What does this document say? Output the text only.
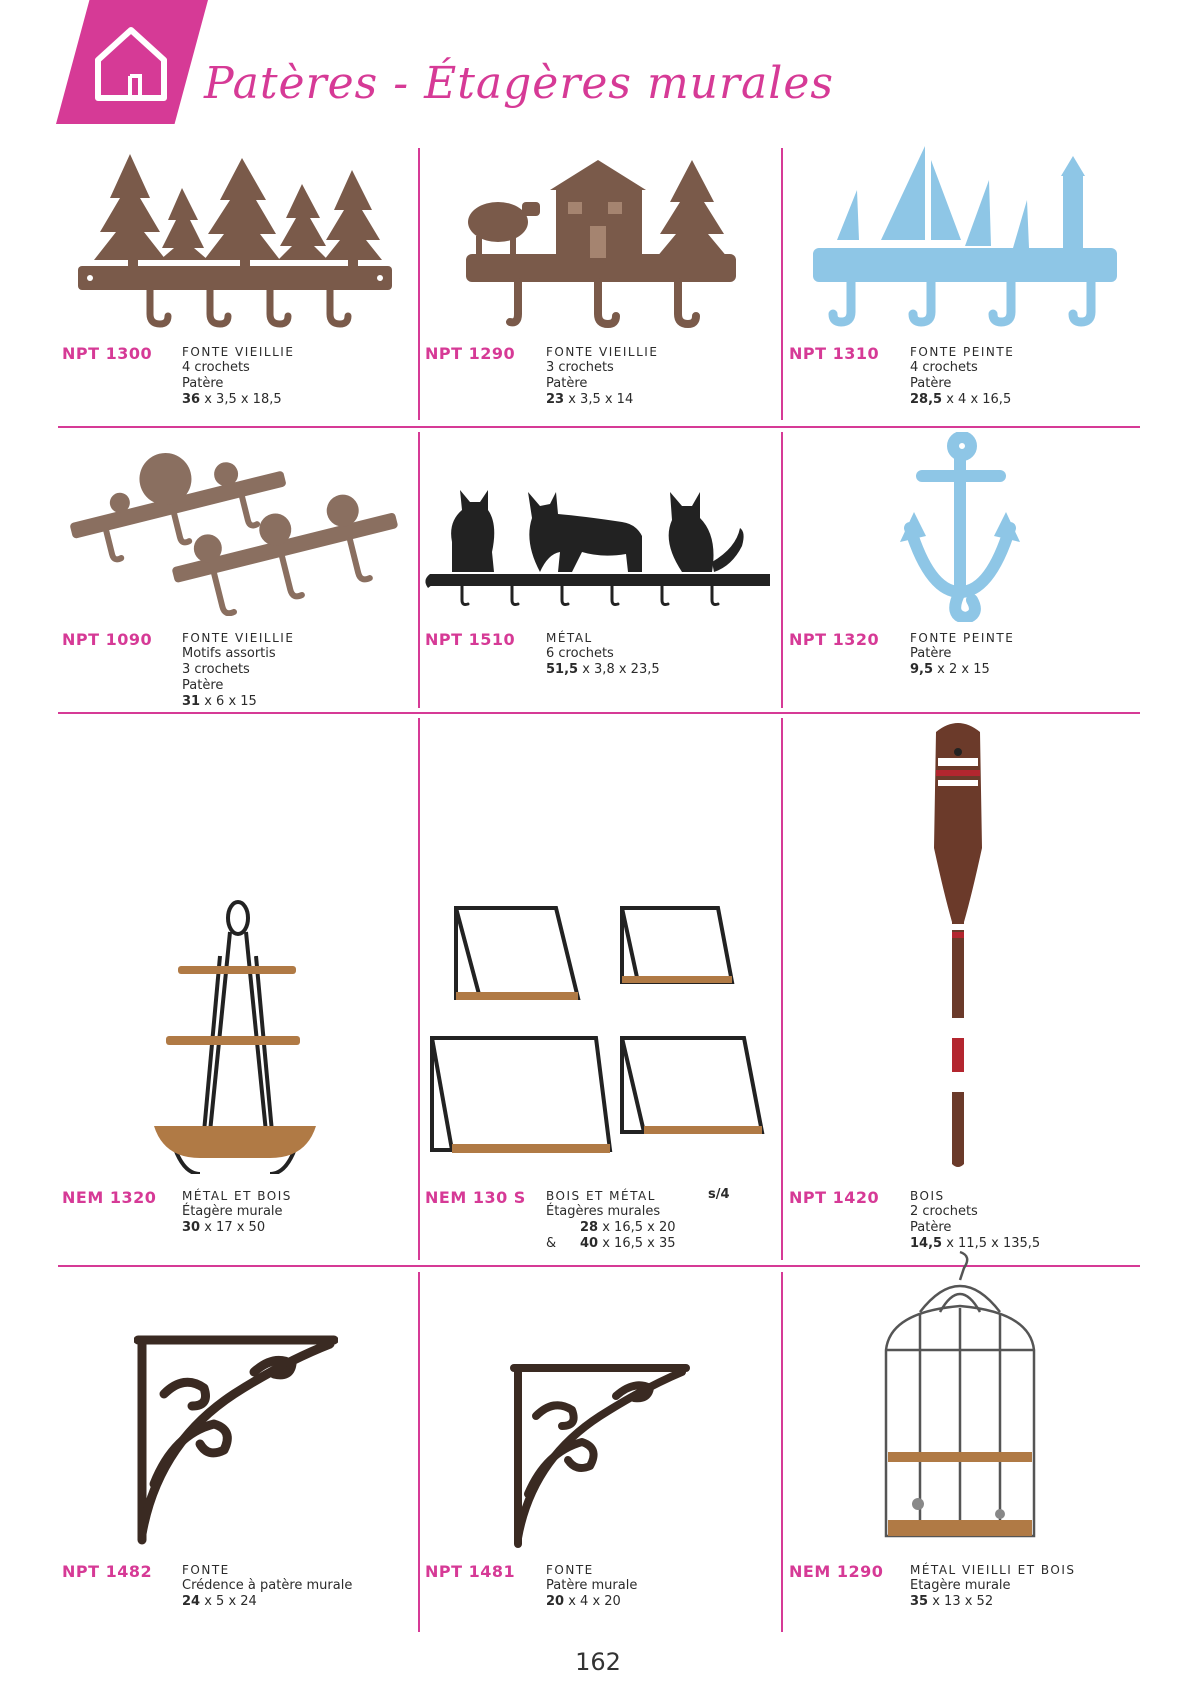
Patères - Étagères murales
NPT 1300 FONTE VIEILLIE
4 crochets
Patère
36 x 3,5 x 18,5
NPT 1290	FONTE VIEILLIE
3 crochets
Patère
23 x 3,5 x 14
NPT 1310	FONTE PEINTE
4 crochets
Patère
28,5 x 4 x 16,5
NPT 1090 FONTE VIEILLIE
Motifs assortis
3 crochets
Patère
31 x 6 x 15
NPT 1510	MÉTAL
6 crochets
51,5 x 3,8 x 23,5
NPT 1320	FONTE PEINTE
Patère
9,5 x 2 x 15
NEM 1320 MÉTAL ET BOIS
Étagère murale
30 x 17 x 50
NEM 130 S BOIS ET MÉTAL
Étagères murales
28 x 16,5 x 20
& 40 x 16,5 x 35
s/4	NPT 1420	BOIS
2 crochets
Patère
14,5 x 11,5 x 135,5
NPT 1482 FONTE
Crédence à patère murale
24 x 5 x 24
NPT 1481	FONTE
Patère murale
20 x 4 x 20
NEM 1290 MÉTAL VIEILLI ET BOIS
Etagère murale
35 x 13 x 52
162
